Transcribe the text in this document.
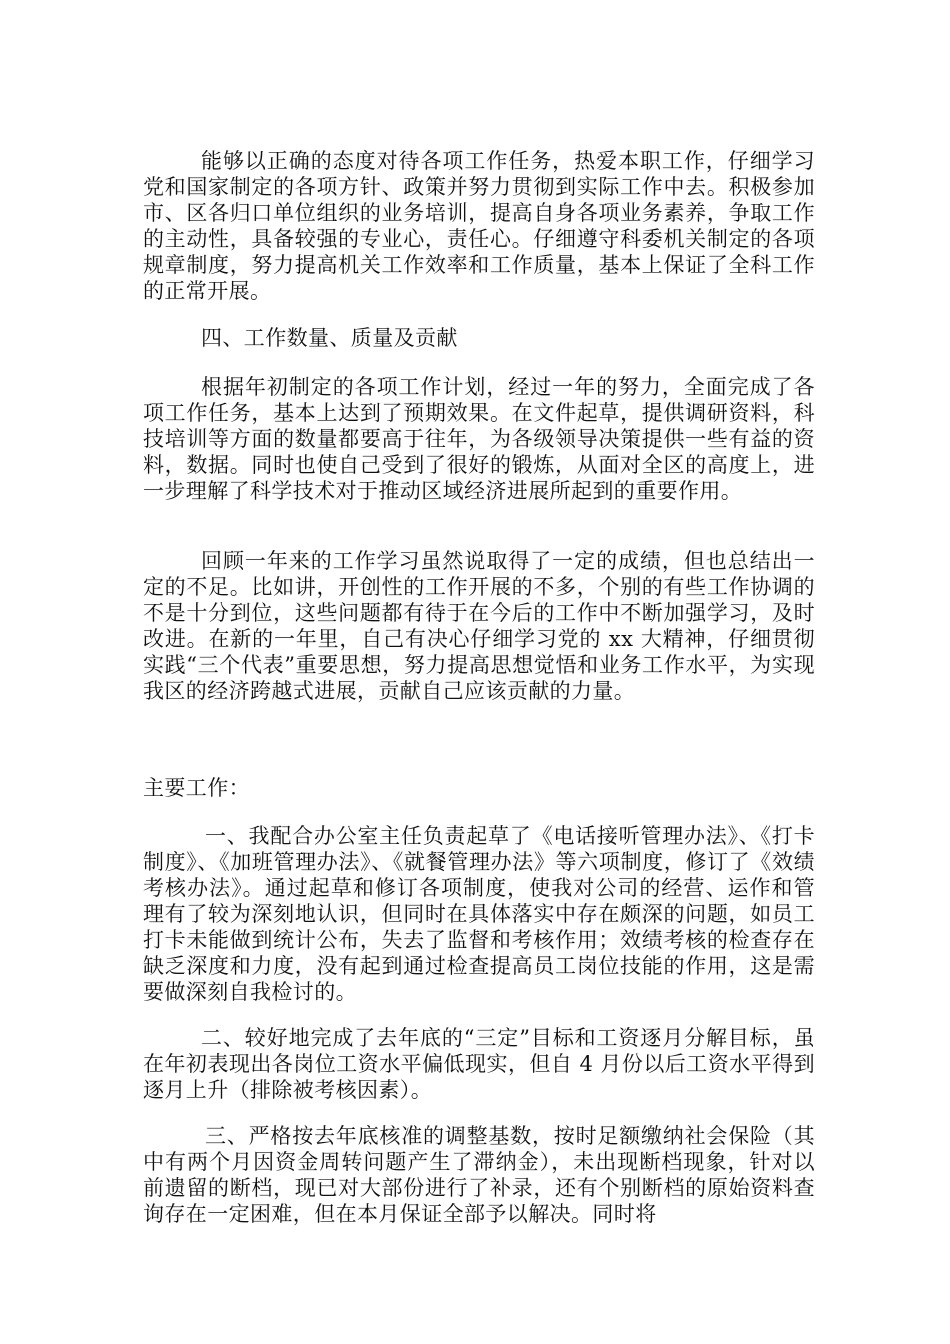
能够以正确的态度对待各项工作任务，热爱本职工作，仔细学习党和国家制定的各项方针、政策并努力贯彻到实际工作中去。积极参加市、区各归口单位组织的业务培训，提高自身各项业务素养，争取工作的主动性，具备较强的专业心，责任心。仔细遵守科委机关制定的各项规章制度，努力提高机关工作效率和工作质量，基本上保证了全科工作的正常开展。

四、工作数量、质量及贡献

根据年初制定的各项工作计划，经过一年的努力，全面完成了各项工作任务，基本上达到了预期效果。在文件起草，提供调研资料，科技培训等方面的数量都要高于往年，为各级领导决策提供一些有益的资料，数据。同时也使自己受到了很好的锻炼，从面对全区的高度上，进一步理解了科学技术对于推动区域经济进展所起到的重要作用。

回顾一年来的工作学习虽然说取得了一定的成绩，但也总结出一定的不足。比如讲，开创性的工作开展的不多，个别的有些工作协调的不是十分到位，这些问题都有待于在今后的工作中不断加强学习，及时改进。在新的一年里，自己有决心仔细学习党的 xx 大精神，仔细贯彻实践“三个代表”重要思想，努力提高思想觉悟和业务工作水平，为实现我区的经济跨越式进展，贡献自己应该贡献的力量。

主要工作：

一、我配合办公室主任负责起草了《电话接听管理办法》、《打卡制度》、《加班管理办法》、《就餐管理办法》等六项制度，修订了《效绩考核办法》。通过起草和修订各项制度，使我对公司的经营、运作和管理有了较为深刻地认识，但同时在具体落实中存在颇深的问题，如员工打卡未能做到统计公布，失去了监督和考核作用；效绩考核的检查存在缺乏深度和力度，没有起到通过检查提高员工岗位技能的作用，这是需要做深刻自我检讨的。

二、较好地完成了去年底的“三定”目标和工资逐月分解目标，虽在年初表现出各岗位工资水平偏低现实，但自 4 月份以后工资水平得到逐月上升（排除被考核因素）。

三、严格按去年底核准的调整基数，按时足额缴纳社会保险（其中有两个月因资金周转问题产生了滞纳金），未出现断档现象，针对以前遗留的断档，现已对大部份进行了补录，还有个别断档的原始资料查询存在一定困难，但在本月保证全部予以解决。同时将
